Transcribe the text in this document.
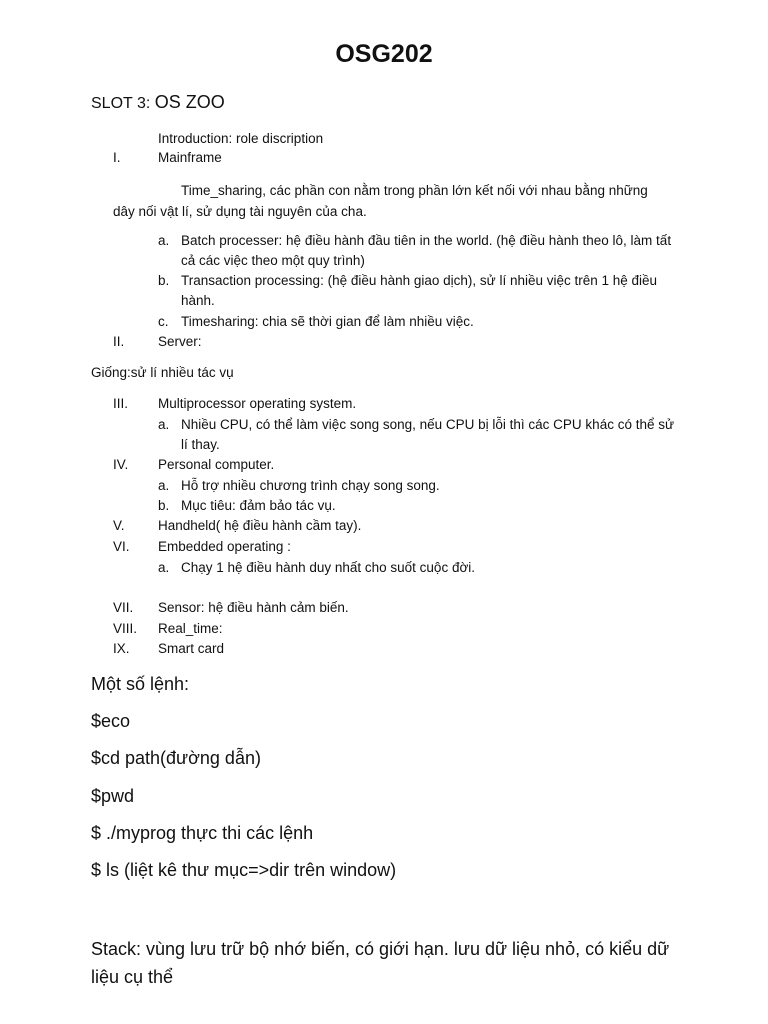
OSG202
SLOT 3: OS ZOO
Introduction: role discription
I.	Mainframe
Time_sharing, các phần con nằm trong phần lớn kết nối với nhau bằng những dây nối vật lí, sử dụng tài nguyên của cha.
a. Batch processer: hệ điều hành đầu tiên in the world. (hệ điều hành theo lô, làm tất cả các việc theo một quy trình)
b. Transaction processing: (hệ điều hành giao dịch), sử lí nhiều việc trên 1 hệ điều hành.
c. Timesharing: chia sẽ thời gian để làm nhiều việc.
II. Server:
Giống:sử lí nhiều tác vụ
III. Multiprocessor operating system.
a. Nhiều CPU, có thể làm việc song song, nếu CPU bị lỗi thì các CPU khác có thể sử lí thay.
IV. Personal computer.
a. Hỗ trợ nhiều chương trình chạy song song.
b. Mục tiêu: đảm bảo tác vụ.
V. Handheld( hệ điều hành cầm tay).
VI. Embedded operating :
a. Chạy 1 hệ điều hành duy nhất cho suốt cuộc đời.
VII. Sensor: hệ điều hành cảm biến.
VIII. Real_time:
IX. Smart card
Một số lệnh:
$eco
$cd path(đường dẫn)
$pwd
$ ./myprog thực thi các lệnh
$ ls (liệt kê thư mục=>dir trên window)
Stack: vùng lưu trữ bộ nhớ biến, có giới hạn. lưu dữ liệu nhỏ, có kiểu dữ liệu cụ thể
